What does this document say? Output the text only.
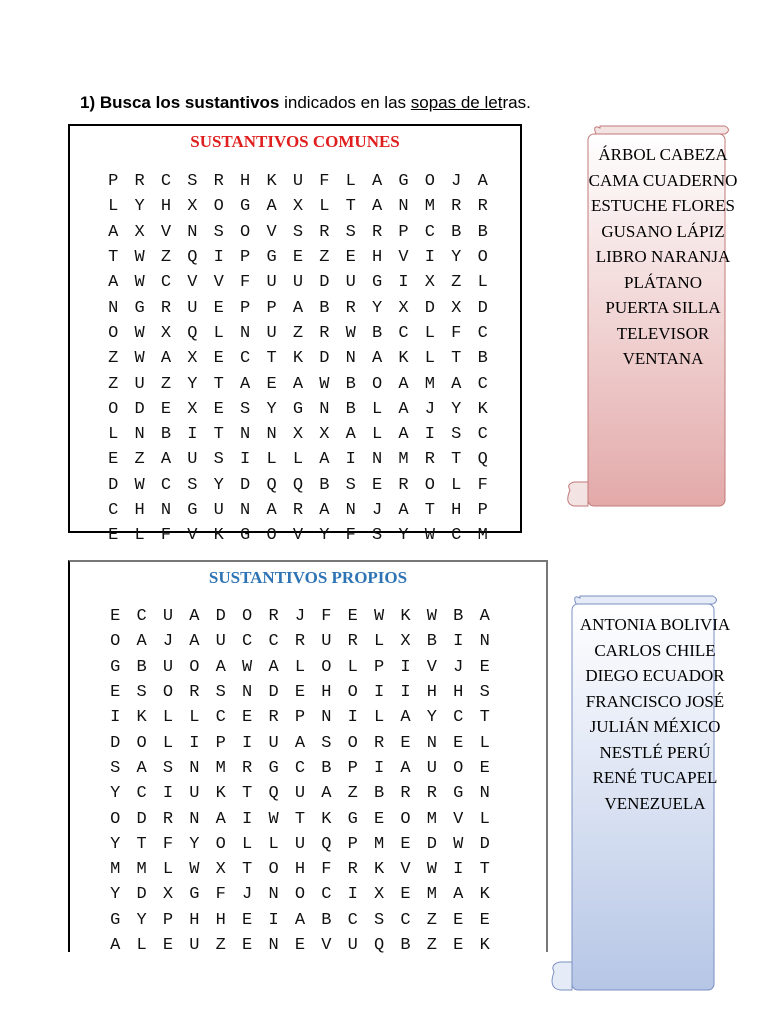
1) Busca los sustantivos indicados en las sopas de letras.
SUSTANTIVOS COMUNES
P R C S R H K U F L A G O J A
L Y H X O G A X L T A N M R R
A X V N S O V S R S R P C B B
T W Z Q I P G E Z E H V I Y O
A W C V V F U U D U G I X Z L
N G R U E P P A B R Y X D X D
O W X Q L N U Z R W B C L F C
Z W A X E C T K D N A K L T B
Z U Z Y T A E A W B O A M A C
O D E X E S Y G N B L A J Y K
L N B I T N N X X A L A I S C
E Z A U S I L L A I N M R T Q
D W C S Y D Q Q B S E R O L F
C H N G U N A R A N J A T H P
E L F V K G O V Y F S Y W C M
ÁRBOL CABEZA
CAMA CUADERNO
ESTUCHE FLORES
GUSANO LÁPIZ
LIBRO NARANJA
PLÁTANO
PUERTA SILLA
TELEVISOR
VENTANA
SUSTANTIVOS PROPIOS
E C U A D O R J F E W K W B A
O A J A U C C R U R L X B I N
G B U O A W A L O L P I V J E
E S O R S N D E H O I I H H S
I K L L C E R P N I L A Y C T
D O L I P I U A S O R E N E L
S A S N M R G C B P I A U O E
Y C I U K T Q U A Z B R R G N
O D R N A I W T K G E O M V L
Y T F Y O L L U Q P M E D W D
M M L W X T O H F R K V W I T
Y D X G F J N O C I X E M A K
G Y P H H E I A B C S C Z E E
A L E U Z E N E V U Q B Z E K
ANTONIA BOLIVIA
CARLOS CHILE
DIEGO ECUADOR
FRANCISCO JOSÉ
JULIÁN MÉXICO
NESTLÉ PERÚ
RENÉ TUCAPEL
VENEZUELA
